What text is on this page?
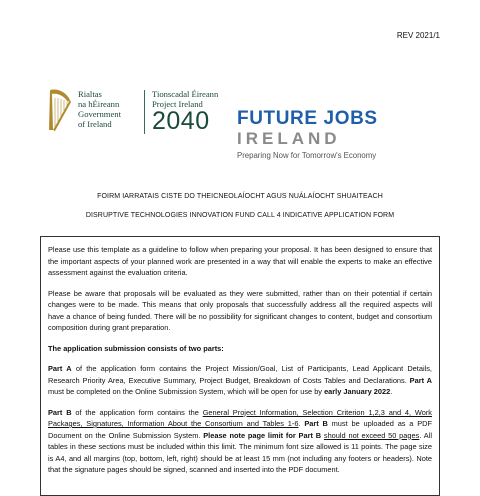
REV 2021/1
Rialtas
na hÉireann
Government
of Ireland
Tionscadal Éireann
Project Ireland
2040 FUTURE JOBS
IRELAND
Preparing Now for Tomorrow's Economy
FOIRM IARRATAIS CISTE DO THEICNEOLAÍOCHT AGUS NUÁLAÍOCHT SHUAITEACH
DISRUPTIVE TECHNOLOGIES INNOVATION FUND CALL 4 INDICATIVE APPLICATION FORM

Please use this template as a guideline to follow when preparing your proposal. It has been designed to ensure that the important aspects of your planned work are presented in a way that will enable the experts to make an effective assessment against the evaluation criteria.

Please be aware that proposals will be evaluated as they were submitted, rather than on their potential if certain changes were to be made. This means that only proposals that successfully address all the required aspects will have a chance of being funded. There will be no possibility for significant changes to content, budget and consortium composition during grant preparation.

The application submission consists of two parts:

Part A of the application form contains the Project Mission/Goal, List of Participants, Lead Applicant Details, Research Priority Area, Executive Summary, Project Budget, Breakdown of Costs Tables and Declarations. Part A must be completed on the Online Submission System, which will be open for use by early January 2022.

Part B of the application form contains the General Project Information, Selection Criterion 1,2,3 and 4, Work Packages, Signatures, Information About the Consortium and Tables 1-6. Part B must be uploaded as a PDF Document on the Online Submission System. Please note page limit for Part B should not exceed 50 pages. All tables in these sections must be included within this limit. The minimum font size allowed is 11 points. The page size is A4, and all margins (top, bottom, left, right) should be at least 15 mm (not including any footers or headers). Note that the signature pages should be signed, scanned and inserted into the PDF document.
